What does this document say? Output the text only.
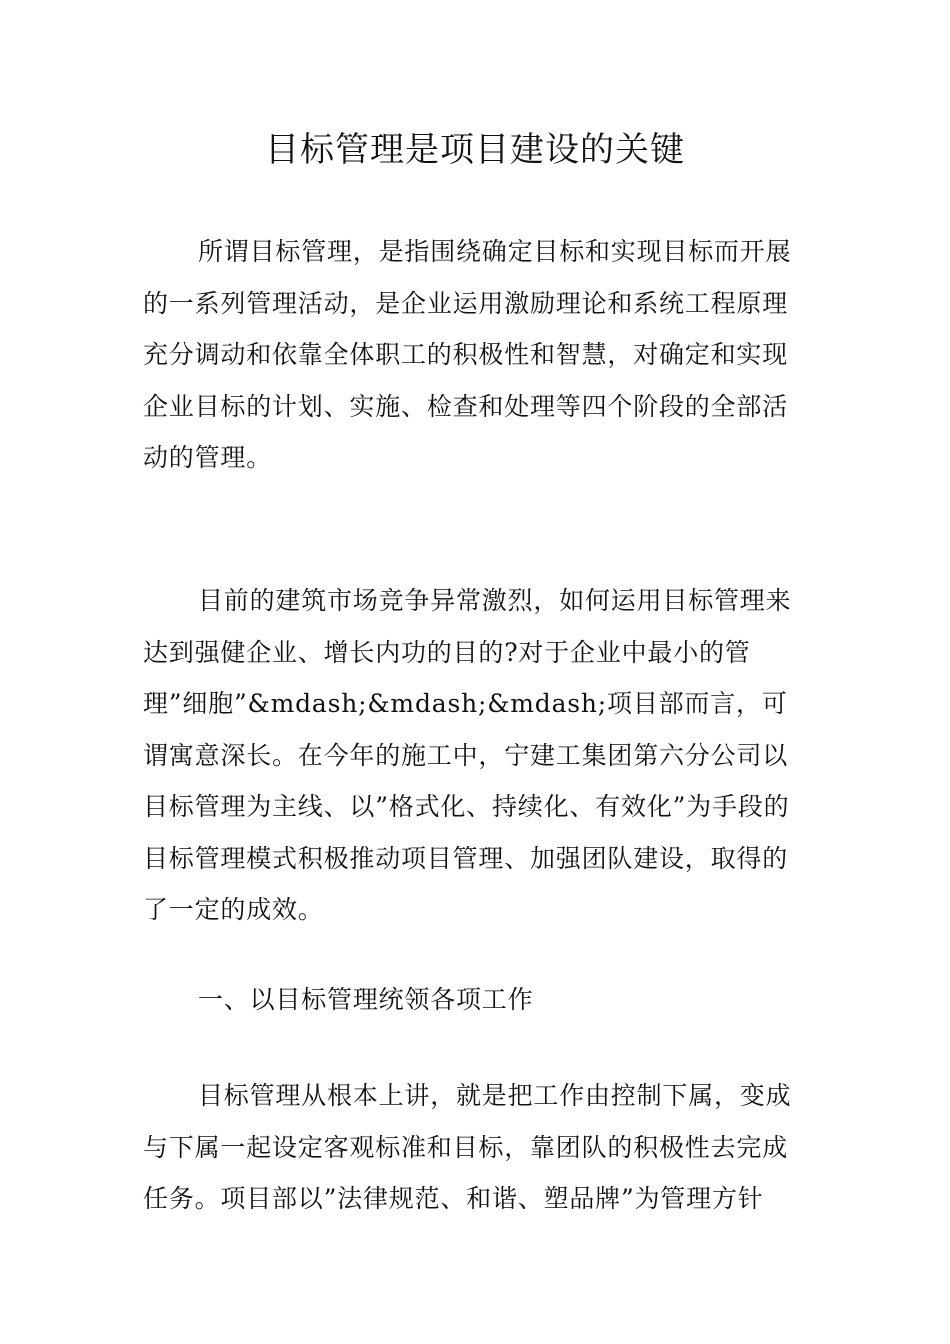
目标管理是项目建设的关键
所谓目标管理，是指围绕确定目标和实现目标而开展的一系列管理活动，是企业运用激励理论和系统工程原理充分调动和依靠全体职工的积极性和智慧，对确定和实现企业目标的计划、实施、检查和处理等四个阶段的全部活动的管理。
目前的建筑市场竞争异常激烈，如何运用目标管理来达到强健企业、增长内功的目的?对于企业中最小的管理”细胞”&mdash;&mdash;&mdash;项目部而言，可谓寓意深长。在今年的施工中，宁建工集团第六分公司以目标管理为主线、以”格式化、持续化、有效化”为手段的目标管理模式积极推动项目管理、加强团队建设，取得的了一定的成效。
一、以目标管理统领各项工作
目标管理从根本上讲，就是把工作由控制下属，变成与下属一起设定客观标准和目标，靠团队的积极性去完成任务。项目部以”法律规范、和谐、塑品牌”为管理方针
